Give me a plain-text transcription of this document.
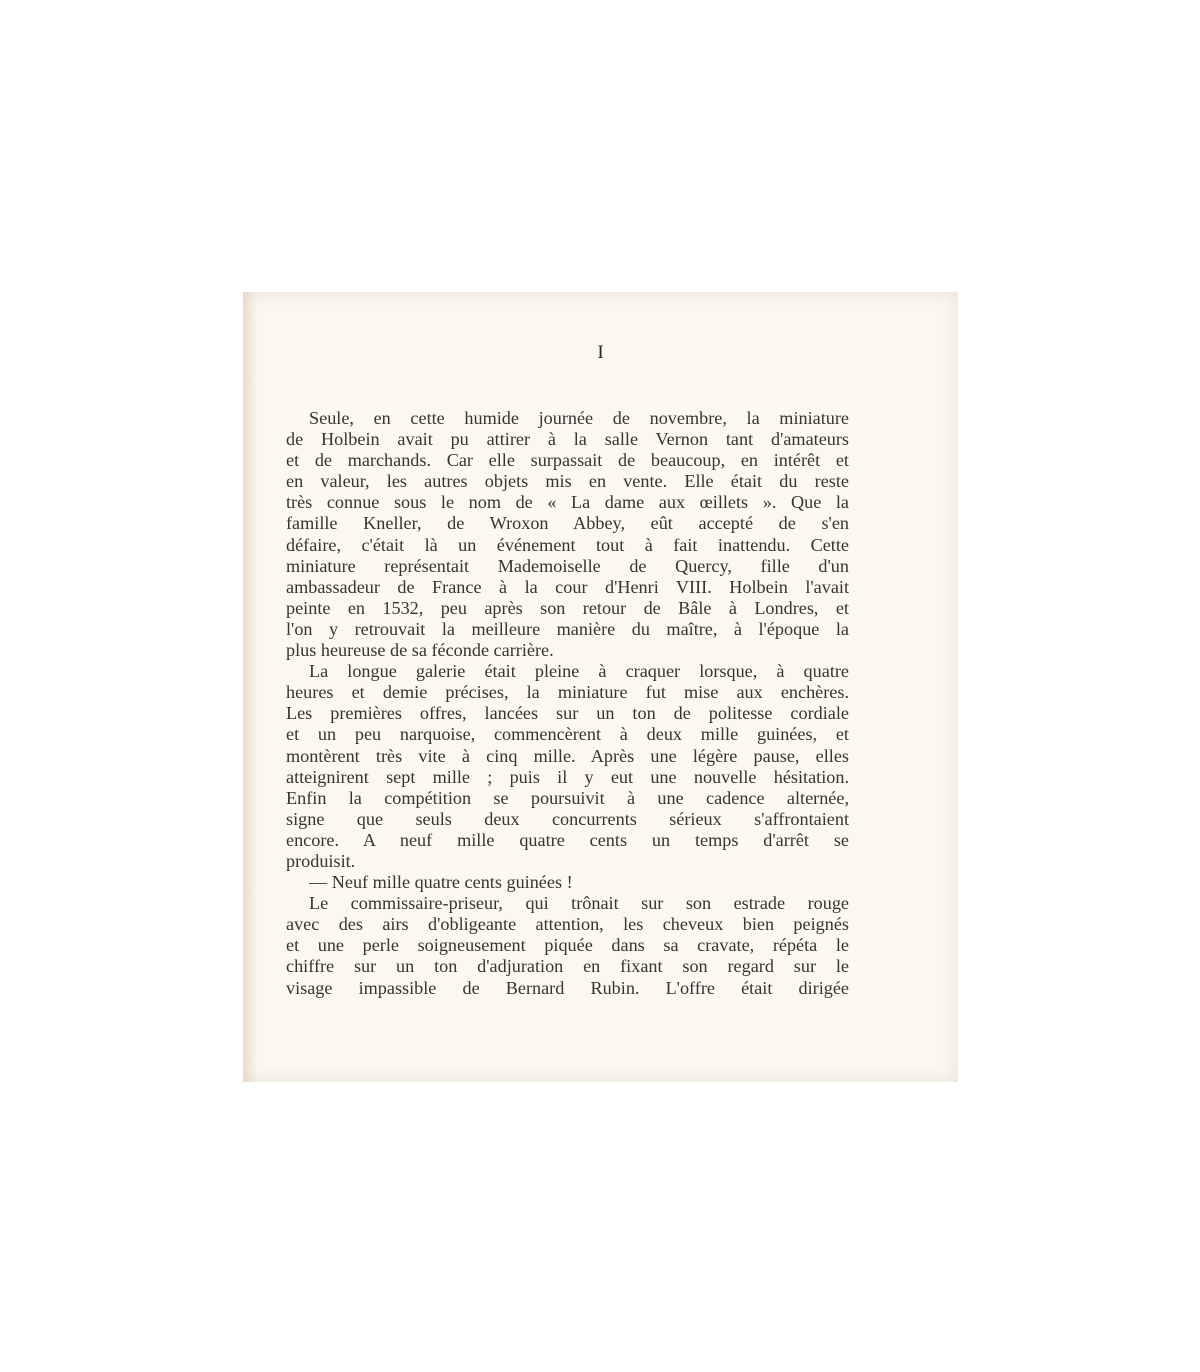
I
Seule, en cette humide journée de novembre, la miniature
de Holbein avait pu attirer à la salle Vernon tant d'amateurs
et de marchands. Car elle surpassait de beaucoup, en intérêt et
en valeur, les autres objets mis en vente. Elle était du reste
très connue sous le nom de « La dame aux œillets ». Que la
famille Kneller, de Wroxon Abbey, eût accepté de s'en
défaire, c'était là un événement tout à fait inattendu. Cette
miniature représentait Mademoiselle de Quercy, fille d'un
ambassadeur de France à la cour d'Henri VIII. Holbein l'avait
peinte en 1532, peu après son retour de Bâle à Londres, et
l'on y retrouvait la meilleure manière du maître, à l'époque la
plus heureuse de sa féconde carrière.
La longue galerie était pleine à craquer lorsque, à quatre
heures et demie précises, la miniature fut mise aux enchères.
Les premières offres, lancées sur un ton de politesse cordiale
et un peu narquoise, commencèrent à deux mille guinées, et
montèrent très vite à cinq mille. Après une légère pause, elles
atteignirent sept mille ; puis il y eut une nouvelle hésitation.
Enfin la compétition se poursuivit à une cadence alternée,
signe que seuls deux concurrents sérieux s'affrontaient
encore. A neuf mille quatre cents un temps d'arrêt se
produisit.
— Neuf mille quatre cents guinées !
Le commissaire-priseur, qui trônait sur son estrade rouge
avec des airs d'obligeante attention, les cheveux bien peignés
et une perle soigneusement piquée dans sa cravate, répéta le
chiffre sur un ton d'adjuration en fixant son regard sur le
visage impassible de Bernard Rubin. L'offre était dirigée
